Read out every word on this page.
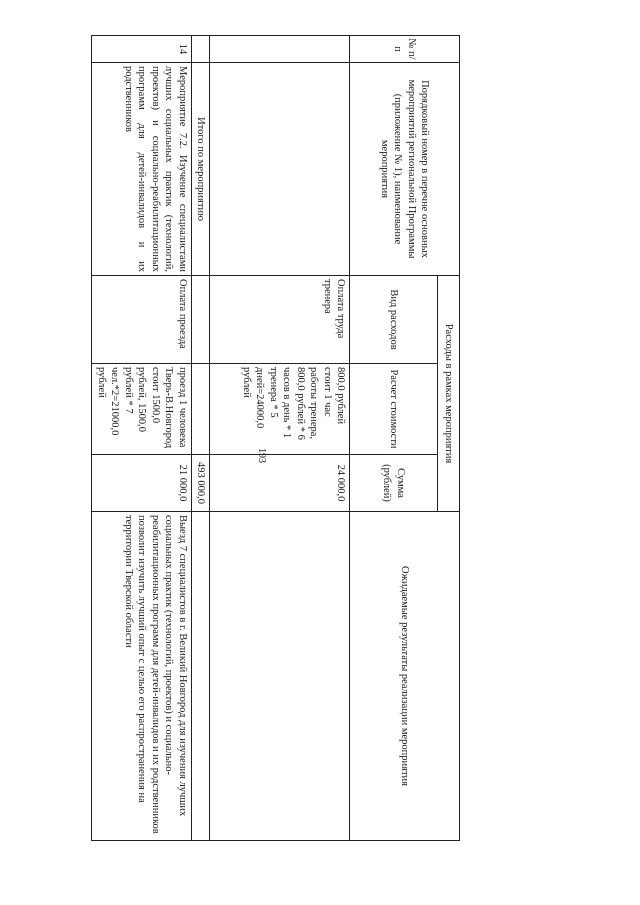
193
№ п/п	Порядковый номер в перечне основных мероприятий региональной Программы (приложение № 1), наименование мероприятия	Расходы в рамках мероприятия			Ожидаемые результаты реализации мероприятия
		Вид расходов	Расчет стоимости	Сумма (рублей)	
		Оплата труда тренера	800,0 рублей стоит 1 час работы тренера, 800,0 рублей * 6 часов в день * 1 тренера * 5 дней=24000,0 рублей	24 000,0	
	Итого по мероприятию			493 000,0	
14	Мероприятие 7.2. Изучение специалистами лучших социальных практик (технологий, проектов) и социально-реабилитационных программ для детей-инвалидов и их родственников	Оплата проезда	проезд 1 человека Тверь-В.Новгород стоит 1500,0 рублей, 1500,0 рублей * 7 чел.*2=21000,0 рублей	21 000,0	Выезд 7 специалистов в г. Великий Новгород для изучения лучших социальных практик (технологий, проектов) и социально-реабилитационных программ для детей-инвалидов и их родственников позволит изучить лучший опыт с целью его распространения на территории Тверской области
